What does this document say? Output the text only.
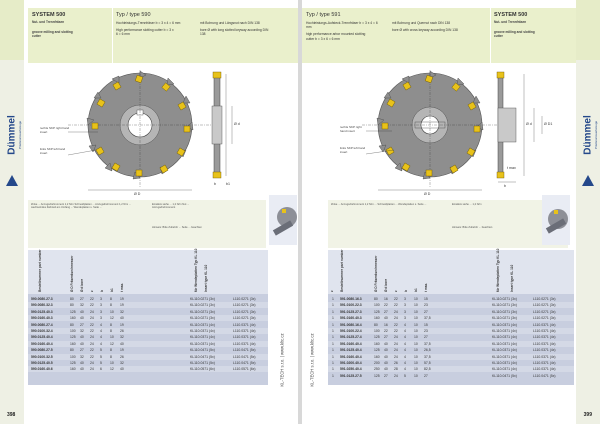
Dümmel Präzisionswerkzeuge
398
SYSTEM 500
Nut- und Trennfräsen
groove milling and slotting cutter
Typ / type 590
Hochleistungs-Trennfräser b = 3 x 4 = 6 mm
High performance slotting cutter b = 3 x 6 = 6 mm
mit Bohrung und Längsnut nach DIN 138
bore Ø with long slotted keyway according DIN 138
rechts SKP right hand insert
links SKP left hand insert
Ø D
Ø d
b	b1
Zinke ... Anzugsdrehmoment 1,2 N/m Schneidplatten ... Anzugsdrehmoment 1,2 N/m ... wechselndes Zahnteil am Umfang ... Wendeplatten s. Seite ...
Einsätze siehe ... 1,2 N/m Nut ... Anzugsdrehmoment
Hinweis: Bitte Zubehör ... Seite ... beachten
Bestellnummer part number	Ø D Fräserdurchmesser Ø d bore z b b1 t max.	für Wendeplatten Typ KL 110 Insert type KL 110
590.0080.27.3	80 27 22 3 8 19	KL110.0271 (3x)	L110.0271 (3x)
590.0080.32.3	80 32 22 3 8 19	KL110.0271 (3x)	L110.0271 (3x)
590.0125.40.3	125 40 24 3 10 32	KL110.0271 (3x)	L110.0271 (3x)
590.0160.40.3	160 40 24 3 12 40	KL110.0271 (3x)	L110.0271 (3x)
590.0080.27.4	80 27 22 4 8 19	KL110.0371 (4x)	L110.0371 (4x)
590.0100.32.4	100 32 22 4 8 26	KL110.0371 (4x)	L110.0371 (4x)
590.0125.40.4	125 40 24 4 10 32	KL110.0371 (4x)	L110.0371 (4x)
590.0160.40.4	160 40 24 4 12 40	KL110.0371 (4x)	L110.0371 (4x)
590.0080.27.5	80 27 22 5 8 19	KL110.0471 (5x)	L110.0471 (5x)
590.0100.32.5	100 32 22 5 8 26	KL110.0471 (5x)	L110.0471 (5x)
590.0125.40.5	125 40 24 5 10 32	KL110.0471 (5x)	L110.0471 (5x)
590.0160.40.6	160 40 24 6 12 40	KL110.0571 (6x)	L110.0571 (6x)	KL-TECH s.r.o. | www.kltc.cz
Dümmel Präzisionswerkzeuge
399
Typ / type 591
Hochleistungs-Aufsteck-Trennfräser b = 3 x 4 = 6 mm
high performance arbor mounted slotting cutter b = 3 x 6 = 6 mm
mit Bohrung und Quernut nach DIN 138
bore Ø with cross keyway according DIN 138
SYSTEM 500
Nut- und Trennfräsen
groove milling and slotting cutter
rechts SKP right hand insert
links SKP left hand insert
Ø D
Ø d	Ø D1
b
t max
Zinke ... Anzugsdrehmoment 1,2 N/m ... Schneidplatten ... Wendeplatten s. Seite ...	Einsätze siehe ... 1,2 N/m
Hinweis: Bitte Zubehör ... beachten
z Bestellnummer part number	Ø D Fräserdurchmesser Ø d bore z b b1 t max.	für Wendeplatten Typ KL 110	Insert type KL 110
1 591.0080.16.3	80 16 22 3 10 15	KL110.0271 (3x)	L110.0271 (3x)
1 591.0100.22.3	100 22 22 3 10 23	KL110.0271 (3x)	L110.0271 (3x)
1 591.0125.27.3	125 27 24 3 10 27	KL110.0271 (3x)	L110.0271 (3x)
1 591.0160.40.3	160 40 24 3 10 37,5	KL110.0271 (3x)	L110.0271 (3x)
1 591.0080.16.4	80 16 22 4 10 15	KL110.0371 (4x)	L110.0371 (4x)
1 591.0100.22.4	100 22 22 4 10 23	KL110.0371 (4x)	L110.0371 (4x)
1 591.0125.27.4	125 27 24 4 10 27	KL110.0371 (4x)	L110.0371 (4x)
1 591.0160.40.4	160 40 24 4 10 37,5	KL110.0371 (4x)	L110.0371 (4x)
1 591.0125.40.4	125 40 24 4 10 26,5	KL110.0371 (4x)	L110.0371 (4x)
1 591.0160.40.4	160 40 24 4 10 37,5	KL110.0371 (4x)	L110.0371 (4x)
1 591.0200.40.4	200 40 26 4 10 57,5	KL110.0371 (4x)	L110.0371 (4x)
1 591.0250.40.4	250 40 28 4 10 82,5	KL110.0371 (4x)	L110.0371 (4x)
1 591.0125.27.5	125 27 24 5 10 27	KL110.0471 (5x)	L110.0471 (5x)
KL-TECH s.r.o. | www.kltc.cz
